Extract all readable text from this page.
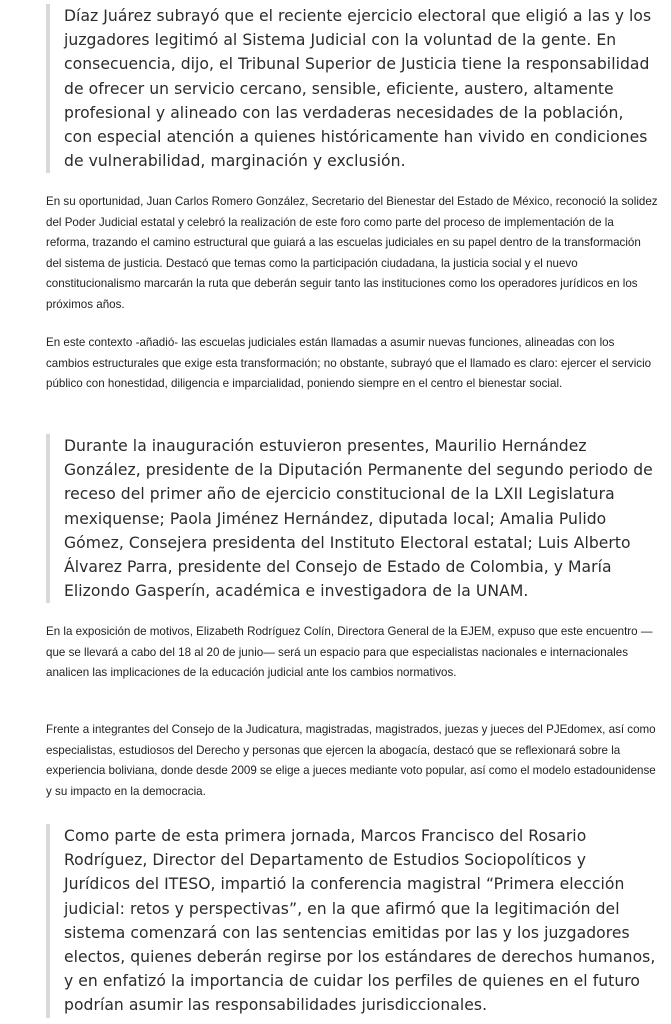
Díaz Juárez subrayó que el reciente ejercicio electoral que eligió a las y los juzgadores legitimó al Sistema Judicial con la voluntad de la gente. En consecuencia, dijo, el Tribunal Superior de Justicia tiene la responsabilidad de ofrecer un servicio cercano, sensible, eficiente, austero, altamente profesional y alineado con las verdaderas necesidades de la población, con especial atención a quienes históricamente han vivido en condiciones de vulnerabilidad, marginación y exclusión.

En su oportunidad, Juan Carlos Romero González, Secretario del Bienestar del Estado de México, reconoció la solidez del Poder Judicial estatal y celebró la realización de este foro como parte del proceso de implementación de la reforma, trazando el camino estructural que guiará a las escuelas judiciales en su papel dentro de la transformación del sistema de justicia. Destacó que temas como la participación ciudadana, la justicia social y el nuevo constitucionalismo marcarán la ruta que deberán seguir tanto las instituciones como los operadores jurídicos en los próximos años.

En este contexto -añadió- las escuelas judiciales están llamadas a asumir nuevas funciones, alineadas con los cambios estructurales que exige esta transformación; no obstante, subrayó que el llamado es claro: ejercer el servicio público con honestidad, diligencia e imparcialidad, poniendo siempre en el centro el bienestar social.

Durante la inauguración estuvieron presentes, Maurilio Hernández González, presidente de la Diputación Permanente del segundo periodo de receso del primer año de ejercicio constitucional de la LXII Legislatura mexiquense; Paola Jiménez Hernández, diputada local; Amalia Pulido Gómez, Consejera presidenta del Instituto Electoral estatal; Luis Alberto Álvarez Parra, presidente del Consejo de Estado de Colombia, y María Elizondo Gasperín, académica e investigadora de la UNAM.

En la exposición de motivos, Elizabeth Rodríguez Colín, Directora General de la EJEM, expuso que este encuentro —que se llevará a cabo del 18 al 20 de junio— será un espacio para que especialistas nacionales e internacionales analicen las implicaciones de la educación judicial ante los cambios normativos.

Frente a integrantes del Consejo de la Judicatura, magistradas, magistrados, juezas y jueces del PJEdomex, así como especialistas, estudiosos del Derecho y personas que ejercen la abogacía, destacó que se reflexionará sobre la experiencia boliviana, donde desde 2009 se elige a jueces mediante voto popular, así como el modelo estadounidense y su impacto en la democracia.

Como parte de esta primera jornada, Marcos Francisco del Rosario Rodríguez, Director del Departamento de Estudios Sociopolíticos y Jurídicos del ITESO, impartió la conferencia magistral “Primera elección judicial: retos y perspectivas”, en la que afirmó que la legitimación del sistema comenzará con las sentencias emitidas por las y los juzgadores electos, quienes deberán regirse por los estándares de derechos humanos, y en enfatizó la importancia de cuidar los perfiles de quienes en el futuro podrían asumir las responsabilidades jurisdiccionales.
